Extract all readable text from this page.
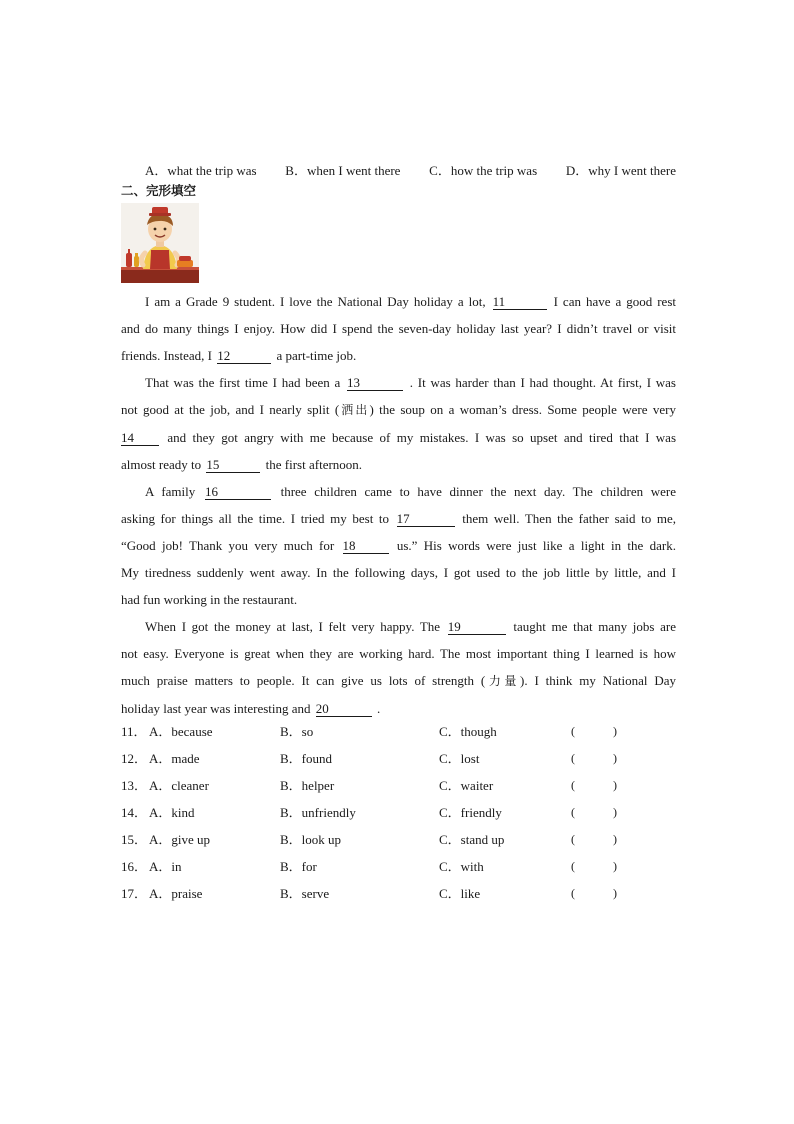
A．what the trip was B．when I went there C．how the trip was D．why I went there
二、完形填空

I am a Grade 9 student. I love the National Day holiday a lot, 11	I can have a good rest

and do many things I enjoy. How did I spend the seven-day holiday last year? I didn’t travel or visit

friends. Instead, I 12	a part-time job.

That was the first time I had been a 13	. It was harder than I had thought. At first, I was

not good at the job, and I nearly split (洒出) the soup on a woman’s dress. Some people were very

14 and they got angry with me because of my mistakes. I was so upset and tired that I was

almost ready to 15	the first afternoon.

A family 16	three children came to have dinner the next day. The children were

asking for things all the time. I tried my best to 17	them well. Then the father said to me,

“Good job! Thank you very much for 18	us.” His words were just like a light in the dark.

My tiredness suddenly went away. In the following days, I got used to the job little by little, and I

had fun working in the restaurant.

When I got the money at last, I felt very happy. The 19	taught me that many jobs are

not easy. Everyone is great when they are working hard. The most important thing I learned is how

much praise matters to people. It can give us lots of strength (力量). I think my National Day

holiday last year was interesting and 20	.

11． A．because	B．so	C．though	(	)
12． A．made	B．found	C．lost	(	)
13． A．cleaner	B．helper	C．waiter	(	)
14． A．kind	B．unfriendly	C．friendly	(	)
15． A．give up	B．look up	C．stand up	(	)
16． A．in	B．for	C．with	(	)
17． A．praise	B．serve	C．like	(	)
